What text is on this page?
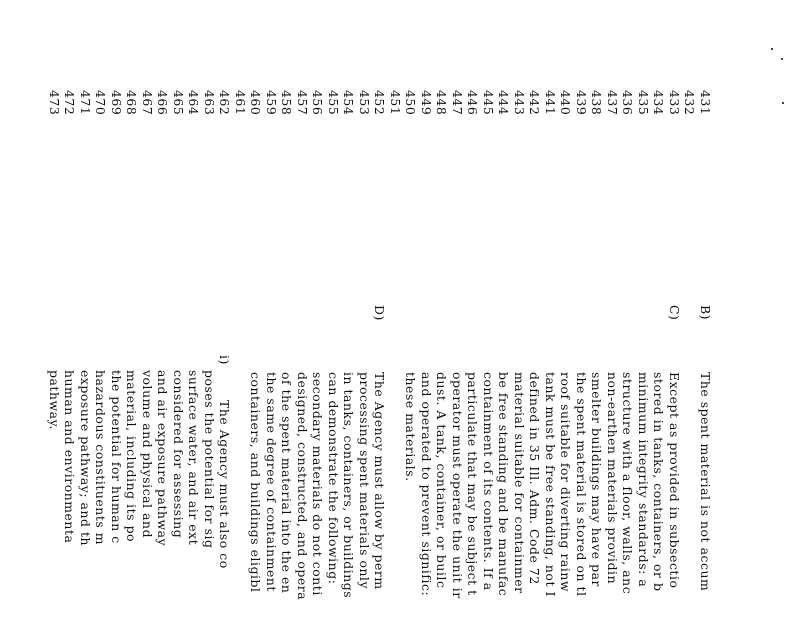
431
B)
The spent material is not accum
432
433
C)
Except as provided in subsectio
434
stored in tanks, containers, or b
435
minimum integrity standards: a
436
structure with a floor, walls, anc
437
non-earthen materials providin
438
smelter buildings may have par
439
the spent material is stored on tl
440
roof suitable for diverting rainw
441
tank must be free standing, not I
442
defined in 35 Ill. Adm. Code 72
443
material suitable for containmer
444
be free standing and be manufac
445
containment of its contents. If a
446
particulate that may be subject t
447
operator must operate the unit ir
448
dust. A tank, container, or builc
449
and operated to prevent signific:
450
these materials.
451
452
D)
The Agency must allow by perm
453
processing spent materials only
454
in tanks, containers, or buildings
455
can demonstrate the following:
456
secondary materials do not conti
457
designed, constructed, and opera
458
of the spent material into the en
459
the same degree of containment
460
containers, and buildings eligibl
461
462
i)
The Agency must also co
463
poses the potential for sig
464
surface water, and air ext
465
considered for assessing
466
and air exposure pathway
467
volume and physical and
468
material, including its po
469
the potential for human c
470
hazardous constituents m
471
exposure pathway; and th
472
human and environmenta
473
pathway.
